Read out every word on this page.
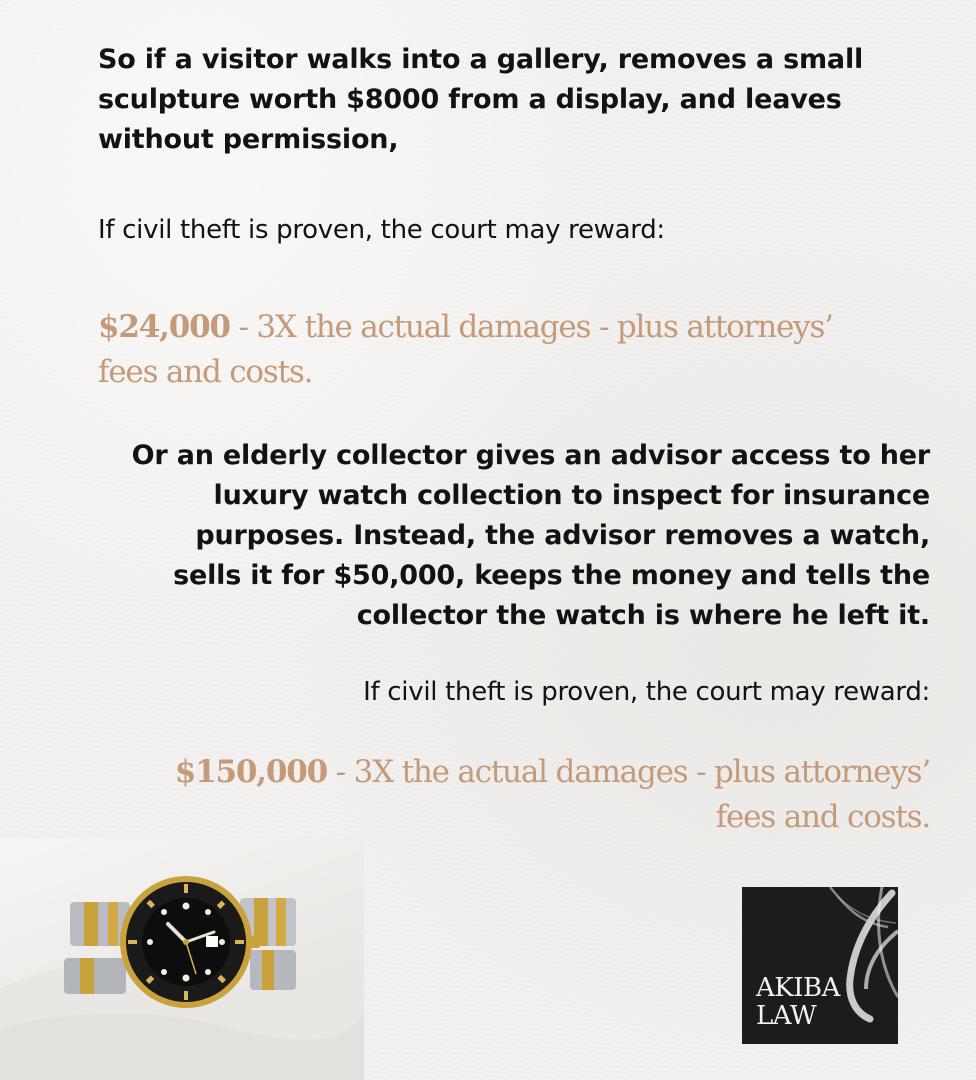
So if a visitor walks into a gallery, removes a small sculpture worth $8000 from a display, and leaves without permission,

If civil theft is proven, the court may reward:

$24,000 - 3X the actual damages - plus attorneys’ fees and costs.

Or an elderly collector gives an advisor access to her luxury watch collection to inspect for insurance purposes. Instead, the advisor removes a watch, sells it for $50,000, keeps the money and tells the collector the watch is where he left it.

If civil theft is proven, the court may reward:

$150,000 - 3X the actual damages - plus attorneys’ fees and costs.

AKIBA
LAW
